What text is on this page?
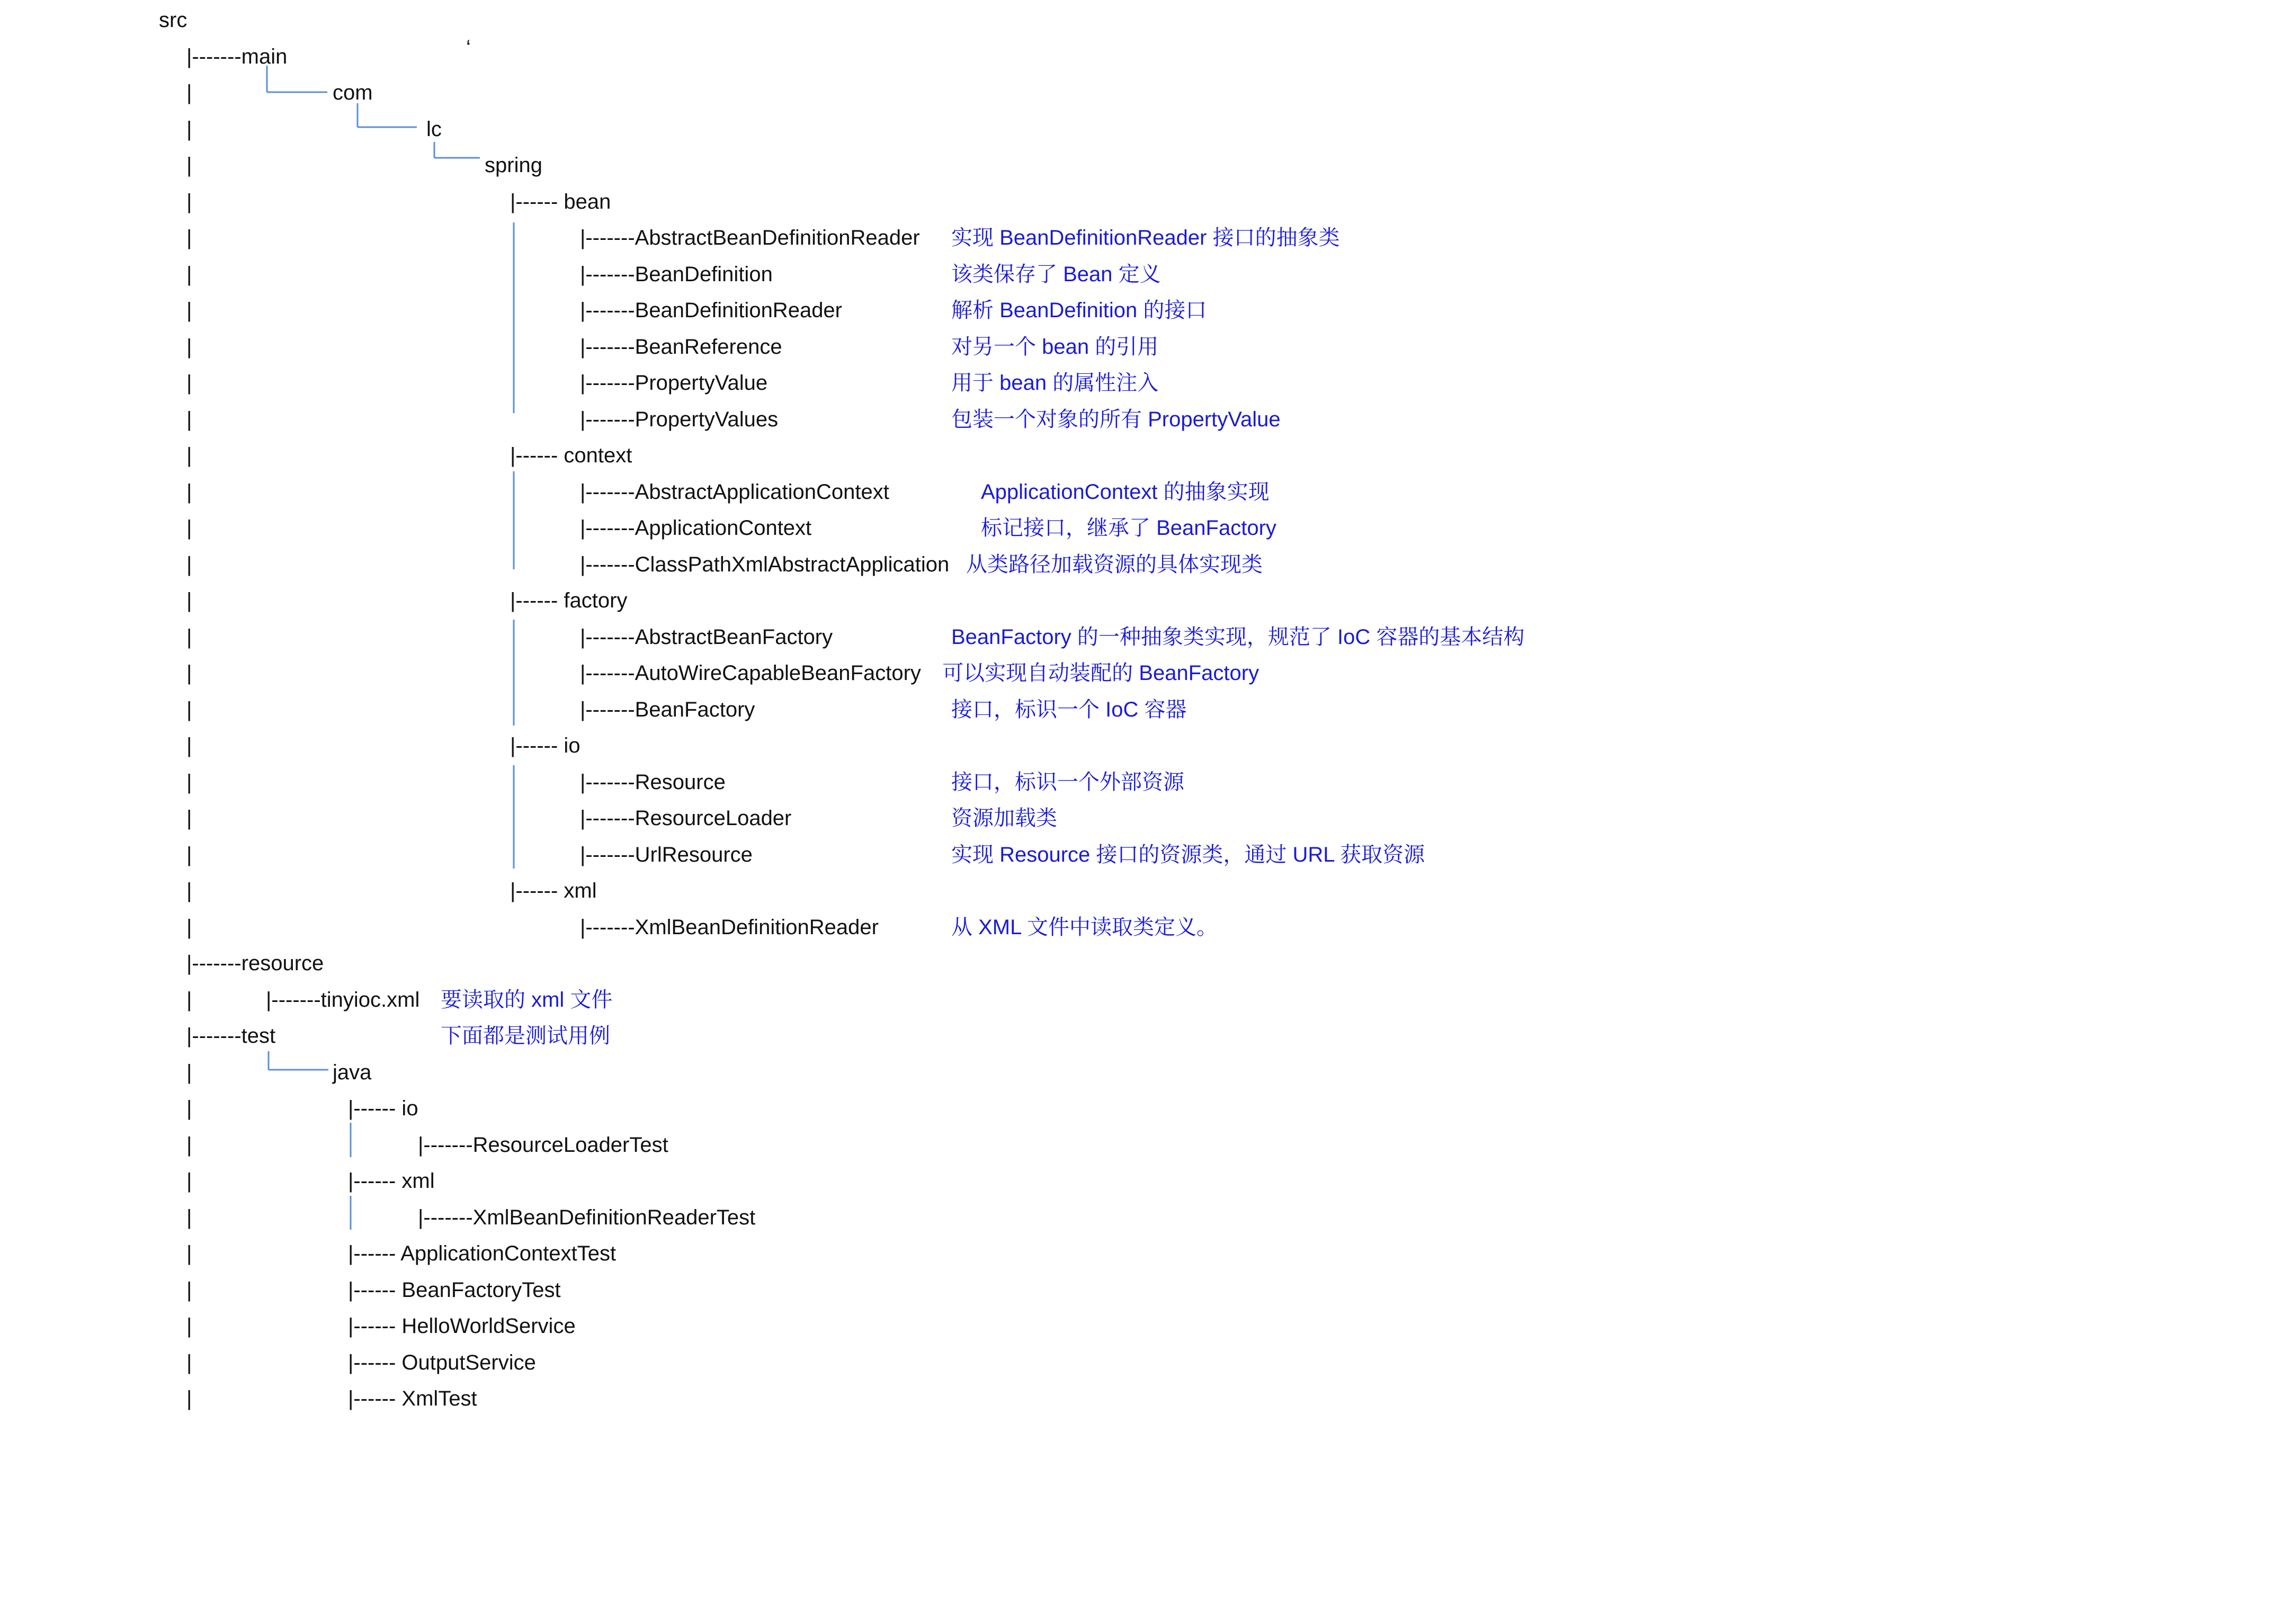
src
|-------main
com
lc
spring
|------ bean
|-------AbstractBeanDefinitionReader 实现 BeanDefinitionReader 接口的抽象类
|-------BeanDefinition	该类保存了 Bean 定义
|-------BeanDefinitionReader	解析 BeanDefinition 的接口
|-------BeanReference	对另一个 bean 的引用
|-------PropertyValue	用于 bean 的属性注入
|-------PropertyValues	包装一个对象的所有 PropertyValue
|------ context
|-------AbstractApplicationContext	ApplicationContext 的抽象实现
|-------ApplicationContext	标记接口，继承了 BeanFactory
|-------ClassPathXmlAbstractApplication 从类路径加载资源的具体实现类
|------ factory
|-------AbstractBeanFactory	BeanFactory 的一种抽象类实现，规范了 IoC 容器的基本结构
|-------AutoWireCapableBeanFactory 可以实现自动装配的 BeanFactory
|-------BeanFactory	接口，标识一个 IoC 容器
|------ io
|-------Resource	接口，标识一个外部资源
|-------ResourceLoader	资源加载类
|-------UrlResource	实现 Resource 接口的资源类，通过 URL 获取资源
|------ xml
|-------XmlBeanDefinitionReader	从 XML 文件中读取类定义。
|-------resource
|-------tinyioc.xml 要读取的 xml 文件
|-------test	下面都是测试用例
java
|------ io
|-------ResourceLoaderTest
|------ xml
|-------XmlBeanDefinitionReaderTest
|------ ApplicationContextTest
|------ BeanFactoryTest
|------ HelloWorldService
|------ OutputService
|------ XmlTest
|
|
|
|
|
|
|
|
|
|
|
|
|
|
|
|
|
|
|
|
|
|
|
|
|
|
|
|
|
|
|
|
|
|
|
‘
